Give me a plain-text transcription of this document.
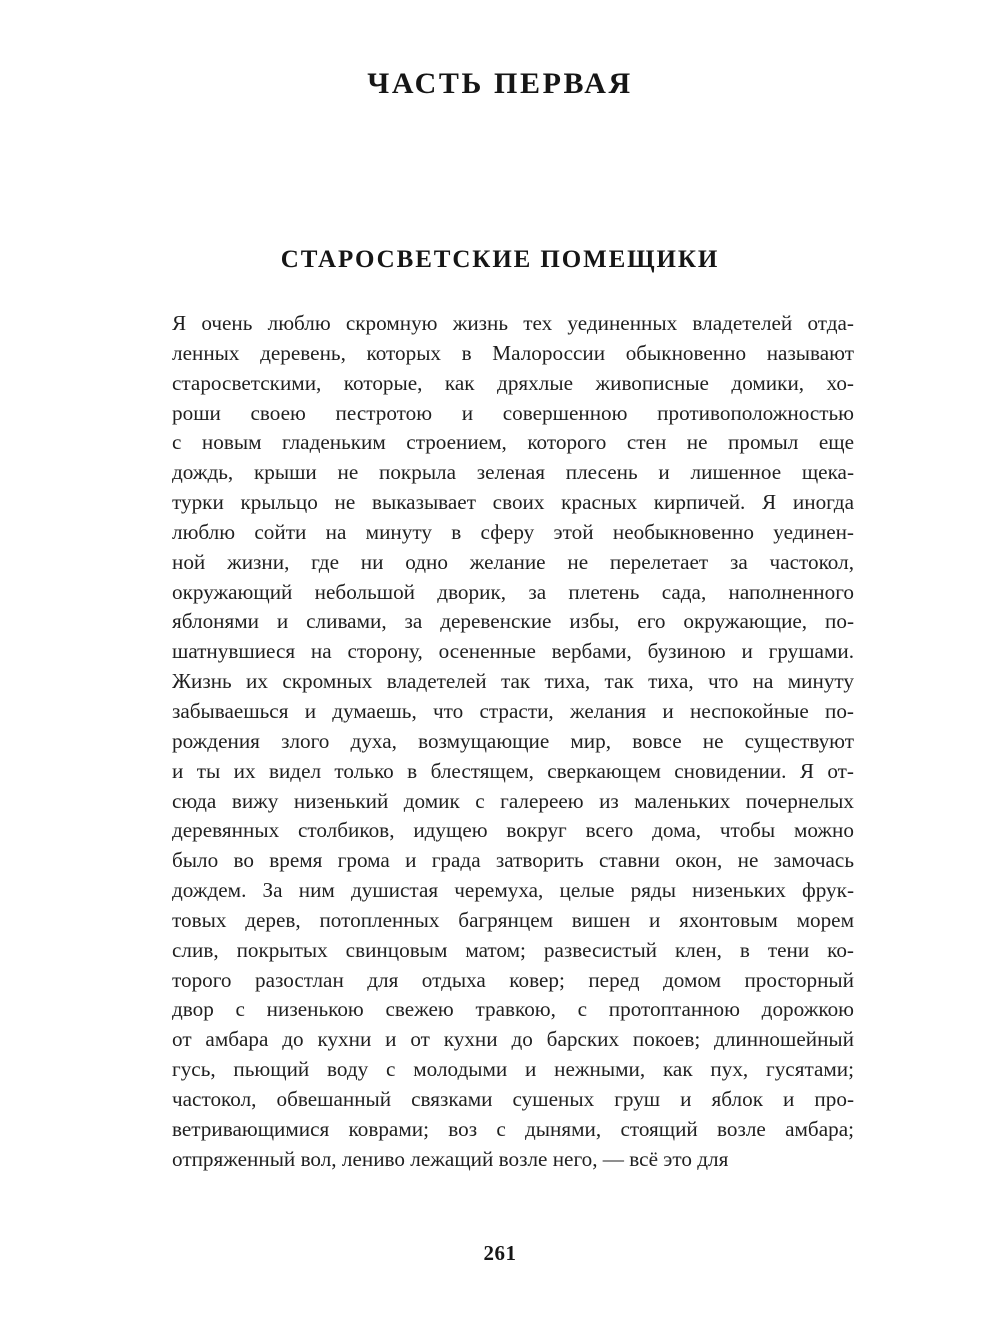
ЧАСТЬ ПЕРВАЯ
СТАРОСВЕТСКИЕ ПОМЕЩИКИ
Я очень люблю скромную жизнь тех уединенных владетелей отда-
ленных деревень, которых в Малороссии обыкновенно называют
старосветскими, которые, как дряхлые живописные домики, хо-
роши своею пестротою и совершенною противоположностью
с новым гладеньким строением, которого стен не промыл еще
дождь, крыши не покрыла зеленая плесень и лишенное щека-
турки крыльцо не выказывает своих красных кирпичей. Я иногда
люблю сойти на минуту в сферу этой необыкновенно уединен-
ной жизни, где ни одно желание не перелетает за частокол,
окружающий небольшой дворик, за плетень сада, наполненного
яблонями и сливами, за деревенские избы, его окружающие, по-
шатнувшиеся на сторону, осененные вербами, бузиною и грушами.
Жизнь их скромных владетелей так тиха, так тиха, что на минуту
забываешься и думаешь, что страсти, желания и неспокойные по-
рождения злого духа, возмущающие мир, вовсе не существуют
и ты их видел только в блестящем, сверкающем сновидении. Я от-
сюда вижу низенький домик с галереею из маленьких почернелых
деревянных столбиков, идущею вокруг всего дома, чтобы можно
было во время грома и града затворить ставни окон, не замочась
дождем. За ним душистая черемуха, целые ряды низеньких фрук-
товых дерев, потопленных багрянцем вишен и яхонтовым морем
слив, покрытых свинцовым матом; развесистый клен, в тени ко-
торого разостлан для отдыха ковер; перед домом просторный
двор с низенькою свежею травкою, с протоптанною дорожкою
от амбара до кухни и от кухни до барских покоев; длинношейный
гусь, пьющий воду с молодыми и нежными, как пух, гусятами;
частокол, обвешанный связками сушеных груш и яблок и про-
ветривающимися коврами; воз с дынями, стоящий возле амбара;
отпряженный вол, лениво лежащий возле него, — всё это для
261
